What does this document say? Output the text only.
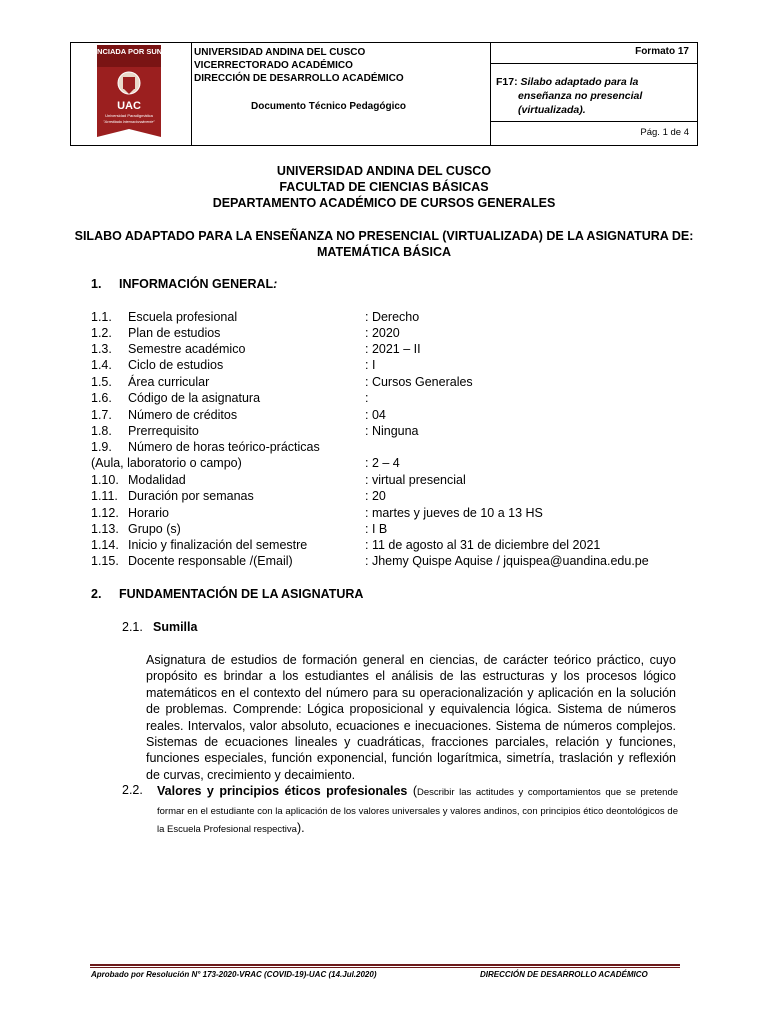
LICENCIADA POR SUNEDU
UAC
Universidad Paradigmática
"Acreditada Internacionalmente"
UNIVERSIDAD ANDINA DEL CUSCO
VICERRECTORADO ACADÉMICO
DIRECCIÓN DE DESARROLLO ACADÉMICO
Documento Técnico Pedagógico
Formato 17
F17: Silabo adaptado para la
enseñanza no presencial
(virtualizada).
Pág. 1 de 4
UNIVERSIDAD ANDINA DEL CUSCO
FACULTAD DE CIENCIAS BÁSICAS
DEPARTAMENTO ACADÉMICO DE CURSOS GENERALES
SILABO ADAPTADO PARA LA ENSEÑANZA NO PRESENCIAL (VIRTUALIZADA) DE LA ASIGNATURA DE:
MATEMÁTICA BÁSICA
1. INFORMACIÓN GENERAL:
1.1. Escuela profesional	: Derecho
1.2. Plan de estudios	: 2020
1.3. Semestre académico	: 2021 – II
1.4. Ciclo de estudios	: I
1.5. Área curricular	: Cursos Generales
1.6. Código de la asignatura	:
1.7. Número de créditos	: 04
1.8. Prerrequisito	: Ninguna
1.9. Número de horas teórico-prácticas
(Aula, laboratorio o campo)	: 2 – 4
1.10. Modalidad	: virtual presencial
1.11. Duración por semanas	: 20
1.12. Horario	: martes y jueves de 10 a 13 HS
1.13. Grupo (s)	: I B
1.14. Inicio y finalización del semestre	: 11 de agosto al 31 de diciembre del 2021
1.15. Docente responsable /(Email)	: Jhemy Quispe Aquise / jquispea@uandina.edu.pe
2. FUNDAMENTACIÓN DE LA ASIGNATURA
2.1. Sumilla
Asignatura de estudios de formación general en ciencias, de carácter teórico práctico, cuyo propósito es brindar a los estudiantes el análisis de las estructuras y los procesos lógico matemáticos en el contexto del número para su operacionalización y aplicación en la solución de problemas. Comprende: Lógica proposicional y equivalencia lógica. Sistema de números reales. Intervalos, valor absoluto, ecuaciones e inecuaciones. Sistema de números complejos. Sistemas de ecuaciones lineales y cuadráticas, fracciones parciales, relación y funciones, funciones especiales, función exponencial, función logarítmica, simetría, traslación y reflexión de curvas, crecimiento y decaimiento.
2.2. Valores y principios éticos profesionales (Describir las actitudes y comportamientos que se pretende formar en el estudiante con la aplicación de los valores universales y valores andinos, con principios ético deontológicos de la Escuela Profesional respectiva).
Aprobado por Resolución N° 173-2020-VRAC (COVID-19)-UAC (14.Jul.2020)	DIRECCIÓN DE DESARROLLO ACADÉMICO
